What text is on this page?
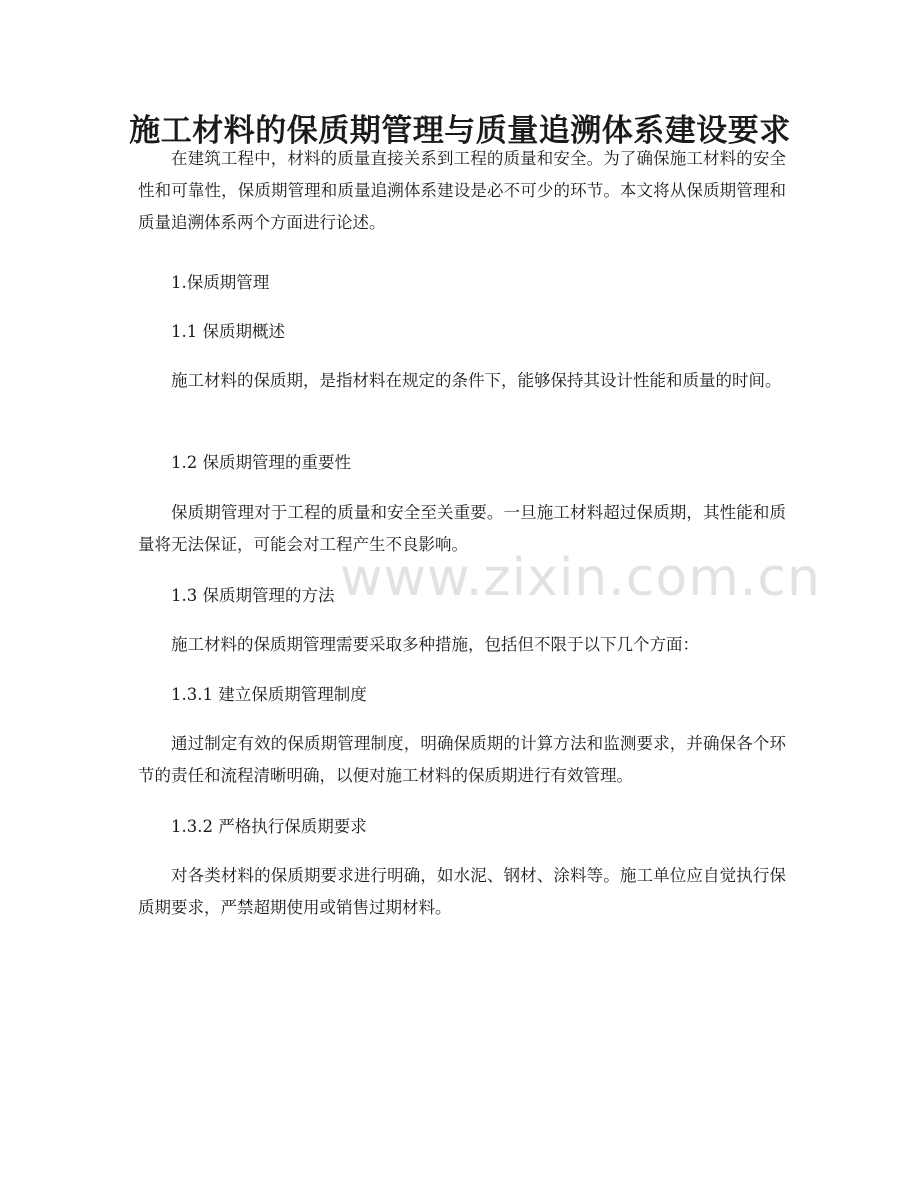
施工材料的保质期管理与质量追溯体系建设要求
www.zixin.com.cn

在建筑工程中，材料的质量直接关系到工程的质量和安全。为了确保施工材料的安全性和可靠性，保质期管理和质量追溯体系建设是必不可少的环节。本文将从保质期管理和质量追溯体系两个方面进行论述。

1.保质期管理

1.1 保质期概述

施工材料的保质期，是指材料在规定的条件下，能够保持其设计性能和质量的时间。

1.2 保质期管理的重要性

保质期管理对于工程的质量和安全至关重要。一旦施工材料超过保质期，其性能和质量将无法保证，可能会对工程产生不良影响。

1.3 保质期管理的方法

施工材料的保质期管理需要采取多种措施，包括但不限于以下几个方面：

1.3.1 建立保质期管理制度

通过制定有效的保质期管理制度，明确保质期的计算方法和监测要求，并确保各个环节的责任和流程清晰明确，以便对施工材料的保质期进行有效管理。

1.3.2 严格执行保质期要求

对各类材料的保质期要求进行明确，如水泥、钢材、涂料等。施工单位应自觉执行保质期要求，严禁超期使用或销售过期材料。
